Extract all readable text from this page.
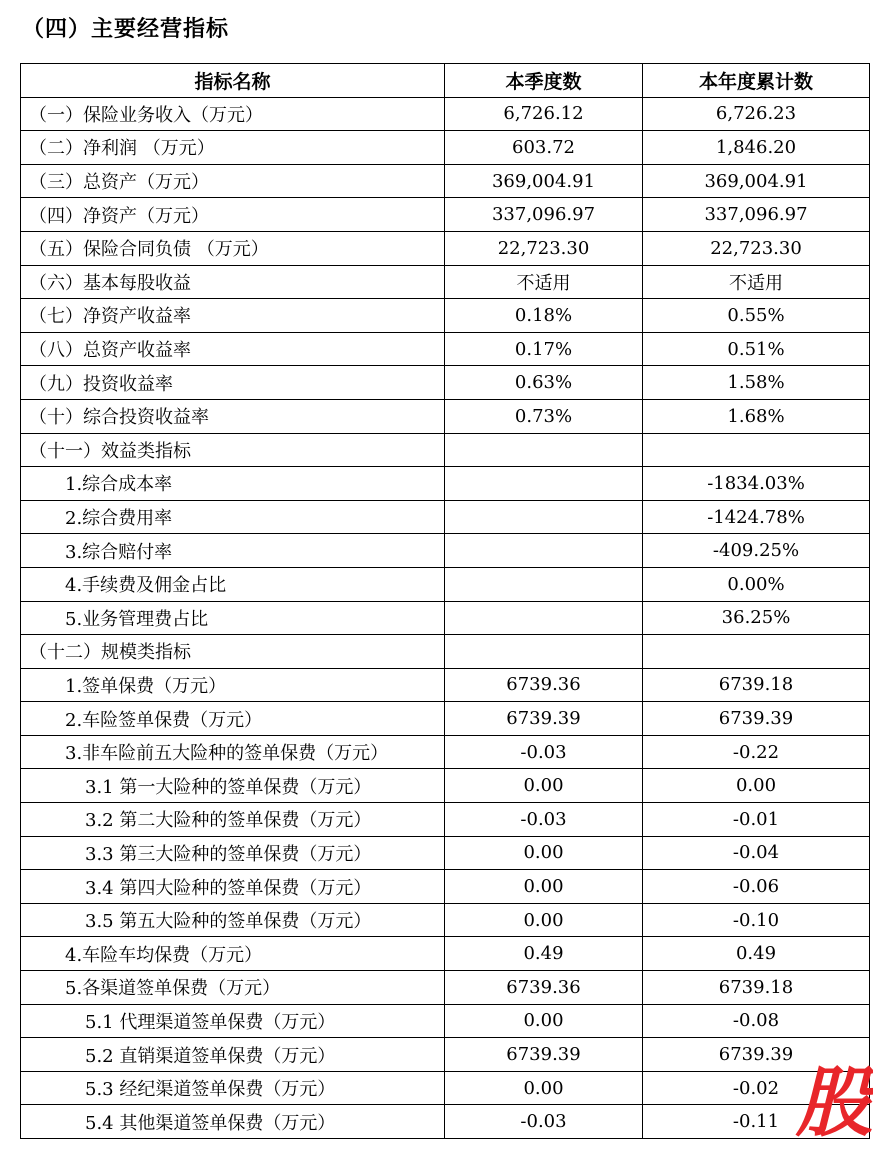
（四）主要经营指标
指标名称	本季度数	本年度累计数
（一）保险业务收入（万元）	6,726.12	6,726.23
（二）净利润 （万元）	603.72	1,846.20
（三）总资产（万元）	369,004.91	369,004.91
（四）净资产（万元）	337,096.97	337,096.97
（五）保险合同负债 （万元）	22,723.30	22,723.30
（六）基本每股收益	不适用	不适用
（七）净资产收益率	0.18%	0.55%
（八）总资产收益率	0.17%	0.51%
（九）投资收益率	0.63%	1.58%
（十）综合投资收益率	0.73%	1.68%
（十一）效益类指标		
1.综合成本率		-1834.03%
2.综合费用率		-1424.78%
3.综合赔付率		-409.25%
4.手续费及佣金占比		0.00%
5.业务管理费占比		36.25%
（十二）规模类指标		
1.签单保费（万元）	6739.36	6739.18
2.车险签单保费（万元）	6739.39	6739.39
3.非车险前五大险种的签单保费（万元）	-0.03	-0.22
3.1 第一大险种的签单保费（万元）	0.00	0.00
3.2 第二大险种的签单保费（万元）	-0.03	-0.01
3.3 第三大险种的签单保费（万元）	0.00	-0.04
3.4 第四大险种的签单保费（万元）	0.00	-0.06
3.5 第五大险种的签单保费（万元）	0.00	-0.10
4.车险车均保费（万元）	0.49	0.49
5.各渠道签单保费（万元）	6739.36	6739.18
5.1 代理渠道签单保费（万元）	0.00	-0.08
5.2 直销渠道签单保费（万元）	6739.39	6739.39
5.3 经纪渠道签单保费（万元）	0.00	-0.02
5.4 其他渠道签单保费（万元）	-0.03	-0.11 股
